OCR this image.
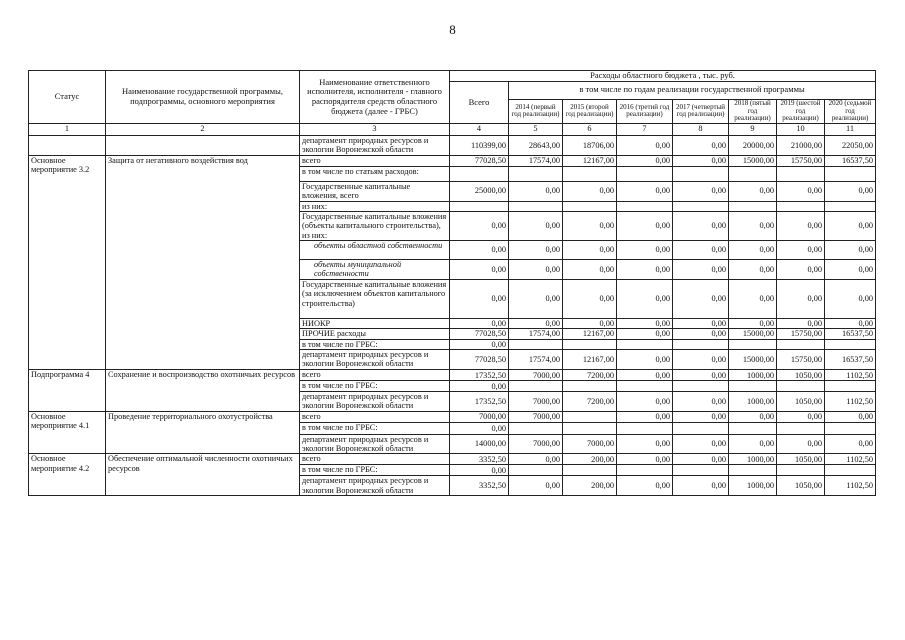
8
Статус	Наименование государственной программы, подпрограммы, основного мероприятия	Наименование ответственного исполнителя, исполнителя - главного распорядителя средств областного бюджета (далее - ГРБС)	Расходы областного бюджета , тыс. руб.							
			Всего	в том числе по годам реализации государственной программы						
				2014 (первый год реализации)	2015 (второй год реализации)	2016 (третий год реализации)	2017 (четвертый год реализации)	2018 (пятый год реализации)	2019 (шестой год реализации)	2020 (седьмой год реализации)
1	2	3	4	5	6	7	8	9	10	11
		департамент природных ресурсов и экологии Воронежской области	110399,00	28643,00	18706,00	0,00	0,00	20000,00	21000,00	22050,00
Основное мероприятие 3.2	Защита от негативного воздействия вод	всего	77028,50	17574,00	12167,00	0,00	0,00	15000,00	15750,00	16537,50
		в том числе по статьям расходов:								
		Государственные капитальные вложения, всего	25000,00	0,00	0,00	0,00	0,00	0,00	0,00	0,00
		из них:								
		Государственные капитальные вложения (объекты капитального строительства), из них:	0,00	0,00	0,00	0,00	0,00	0,00	0,00	0,00
		объекты областной собственности	0,00	0,00	0,00	0,00	0,00	0,00	0,00	0,00
		объекты муниципальной собственности	0,00	0,00	0,00	0,00	0,00	0,00	0,00	0,00
		Государственные капитальные вложения (за исключением объектов капитального строительства)	0,00	0,00	0,00	0,00	0,00	0,00	0,00	0,00
		НИОКР	0,00	0,00	0,00	0,00	0,00	0,00	0,00	0,00
		ПРОЧИЕ расходы	77028,50	17574,00	12167,00	0,00	0,00	15000,00	15750,00	16537,50
		в том числе по ГРБС:	0,00							
		департамент природных ресурсов и экологии Воронежской области	77028,50	17574,00	12167,00	0,00	0,00	15000,00	15750,00	16537,50
Подпрограмма 4	Сохранение и воспроизводство охотничьих ресурсов	всего	17352,50	7000,00	7200,00	0,00	0,00	1000,00	1050,00	1102,50
		в том числе по ГРБС:	0,00							
		департамент природных ресурсов и экологии Воронежской области	17352,50	7000,00	7200,00	0,00	0,00	1000,00	1050,00	1102,50
Основное мероприятие 4.1	Проведение территориального охотустройства	всего	7000,00	7000,00		0,00	0,00	0,00	0,00	0,00
		в том числе по ГРБС:	0,00							
		департамент природных ресурсов и экологии Воронежской области	14000,00	7000,00	7000,00	0,00	0,00	0,00	0,00	0,00
Основное мероприятие 4.2	Обеспечение оптимальной численности охотничьих ресурсов	всего	3352,50	0,00	200,00	0,00	0,00	1000,00	1050,00	1102,50
		в том числе по ГРБС:	0,00							
		департамент природных ресурсов и экологии Воронежской области	3352,50	0,00	200,00	0,00	0,00	1000,00	1050,00	1102,50
